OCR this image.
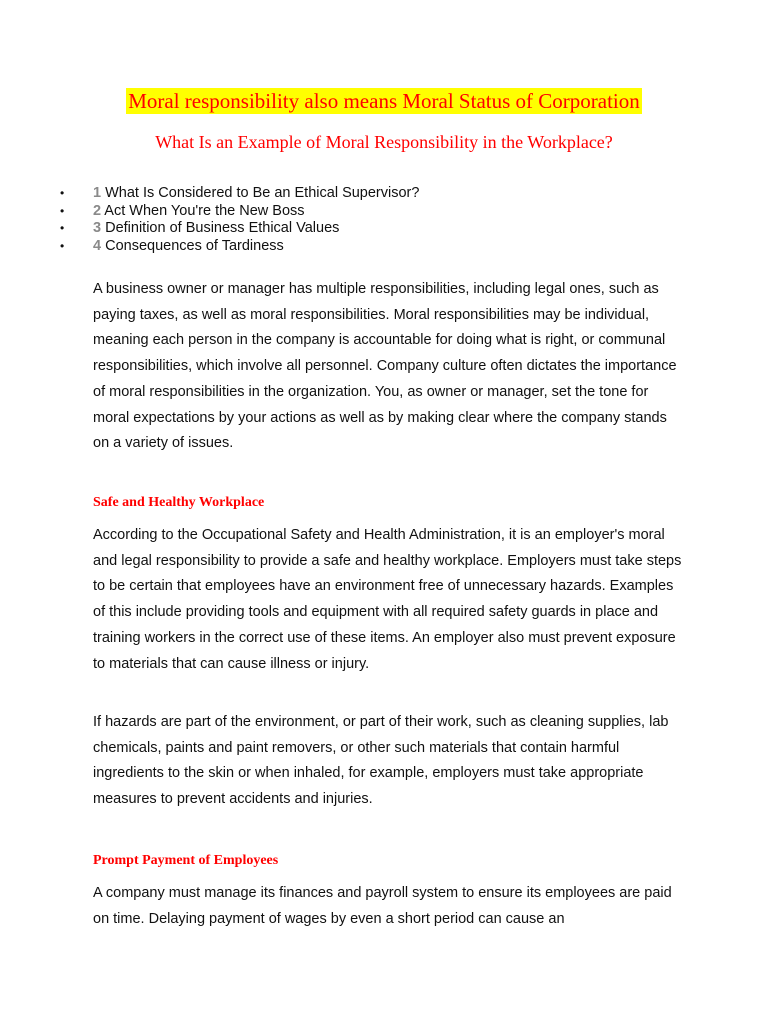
Moral responsibility also means Moral Status of Corporation
What Is an Example of Moral Responsibility in the Workplace?
• 1 What Is Considered to Be an Ethical Supervisor?
• 2 Act When You're the New Boss
• 3 Definition of Business Ethical Values
• 4 Consequences of Tardiness

A business owner or manager has multiple responsibilities, including legal ones, such as paying taxes, as well as moral responsibilities. Moral responsibilities may be individual, meaning each person in the company is accountable for doing what is right, or communal responsibilities, which involve all personnel. Company culture often dictates the importance of moral responsibilities in the organization. You, as owner or manager, set the tone for moral expectations by your actions as well as by making clear where the company stands on a variety of issues.

Safe and Healthy Workplace

According to the Occupational Safety and Health Administration, it is an employer's moral and legal responsibility to provide a safe and healthy workplace. Employers must take steps to be certain that employees have an environment free of unnecessary hazards. Examples of this include providing tools and equipment with all required safety guards in place and training workers in the correct use of these items. An employer also must prevent exposure to materials that can cause illness or injury.

If hazards are part of the environment, or part of their work, such as cleaning supplies, lab chemicals, paints and paint removers, or other such materials that contain harmful ingredients to the skin or when inhaled, for example, employers must take appropriate measures to prevent accidents and injuries.

Prompt Payment of Employees

A company must manage its finances and payroll system to ensure its employees are paid on time. Delaying payment of wages by even a short period can cause an
